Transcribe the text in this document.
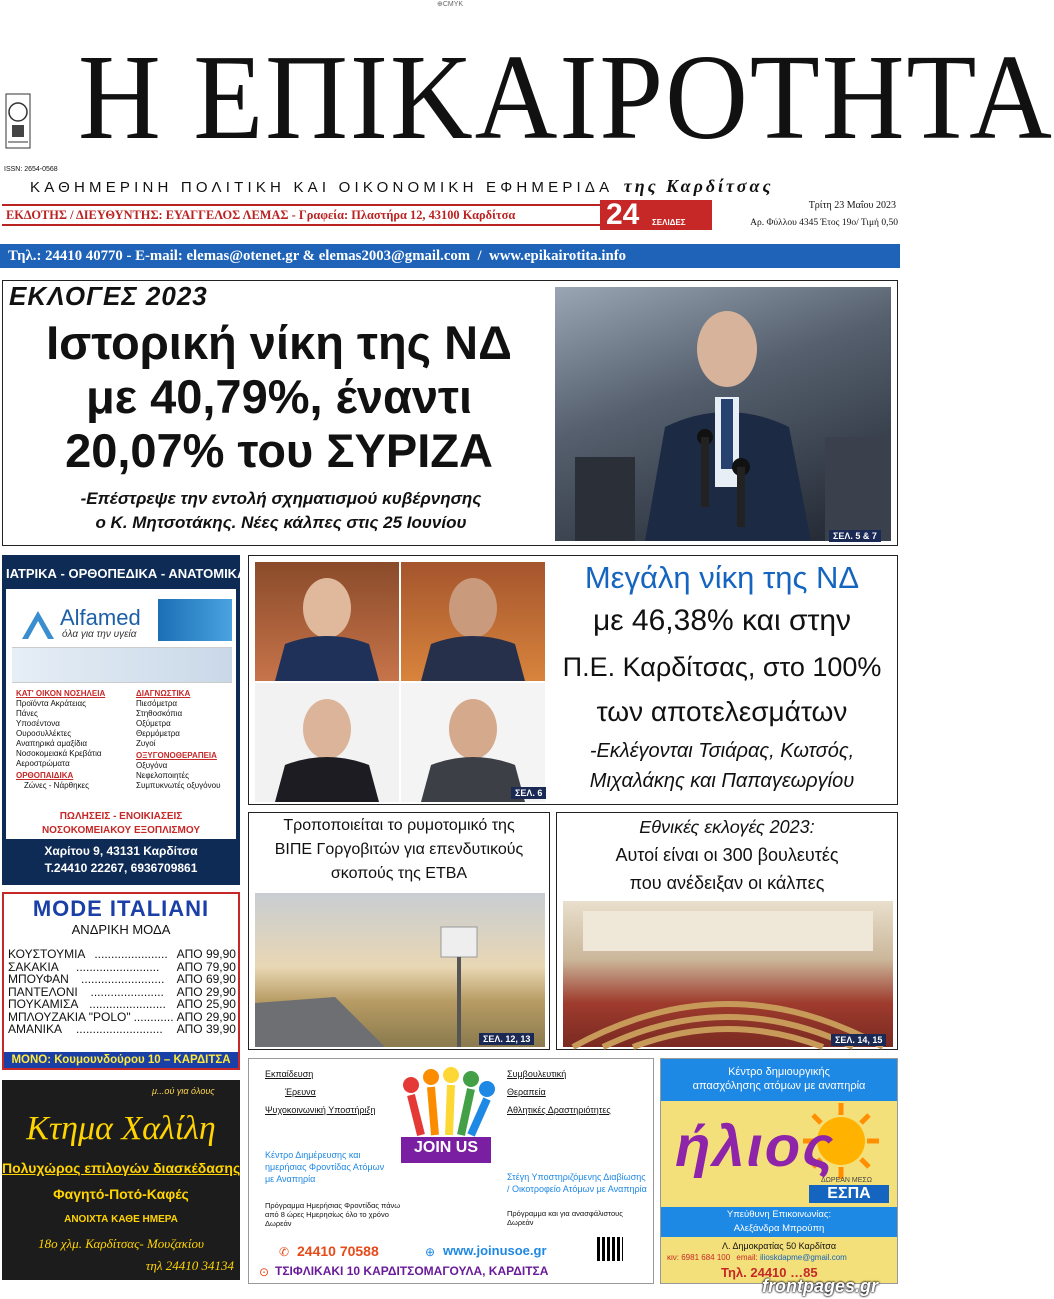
⊕CMYK
ISSN: 2654-0568
Η ΕΠΙΚΑΙΡΟΤΗΤΑ
ΚΑΘΗΜΕΡΙΝΗ ΠΟΛΙΤΙΚΗ ΚΑΙ ΟΙΚΟΝΟΜΙΚΗ ΕΦΗΜΕΡΙΔΑ της Καρδίτσας
ΕΚΔΟΤΗΣ / ΔΙΕΥΘΥΝΤΗΣ: ΕΥΑΓΓΕΛΟΣ ΛΕΜΑΣ - Γραφεία: Πλαστήρα 12, 43100 Καρδίτσα	24 ΣΕΛΙΔΕΣ
Τρίτη 23 Μαΐου 2023
Αρ. Φύλλου 4345 Έτος 19ο/ Τιμή 0,50
Τηλ.: 24410 40770 - E-mail: elemas@otenet.gr & elemas2003@gmail.com  /  www.epikairotita.info
ΕΚΛΟΓΕΣ 2023
Ιστορική νίκη της ΝΔ
με 40,79%, έναντι
20,07% του ΣΥΡΙΖΑ
-Επέστρεψε την εντολή σχηματισμού κυβέρνησης
ο Κ. Μητσοτάκης. Νέες κάλπες στις 25 Ιουνίου
ΣΕΛ. 5 & 7
ΙΑΤΡΙΚΑ - ΟΡΘΟΠΕΔΙΚΑ - ΑΝΑΤΟΜΙΚΑ
Alfamed
όλα για την υγεία
ΚΑΤ' ΟΙΚΟΝ ΝΟΣΗΛΕΙΑ
Προϊόντα Ακράτειας
Πάνες
Υποσέντονα
Ουροσυλλέκτες
Αναπηρικά αμαξίδια
Νοσοκομειακά Κρεβάτια
Αεροστρώματα
ΟΡΘΟΠΑΙΔΙΚΑ
Ζώνες - Νάρθηκες
ΔΙΑΓΝΩΣΤΙΚΑ
Πιεσόμετρα
Στηθοσκόπια
Οξύμετρα
Θερμόμετρα
Ζυγοί
ΟΞΥΓΟΝΟΘΕΡΑΠΕΙΑ
Οξυγόνα
Νεφελοποιητές
Συμπυκνωτές οξυγόνου
ΠΩΛΗΣΕΙΣ - ΕΝΟΙΚΙΑΣΕΙΣ
ΝΟΣΟΚΟΜΕΙΑΚΟΥ ΕΞΟΠΛΙΣΜΟΥ
Χαρίτου 9, 43131 Καρδίτσα
Τ.24410 22267, 6936709861
ΣΕΛ. 6
Μεγάλη νίκη της ΝΔ
με 46,38% και στην
Π.Ε. Καρδίτσας, στο 100%
των αποτελεσμάτων
-Εκλέγονται Τσιάρας, Κωτσός,
Μιχαλάκης και Παπαγεωργίου
Τροποποιείται το ρυμοτομικό της
ΒΙΠΕ Γοργοβιτών για επενδυτικούς
σκοπούς της ΕΤΒΑ
ΣΕΛ. 12, 13
Εθνικές εκλογές 2023:
Αυτοί είναι οι 300 βουλευτές
που ανέδειξαν οι κάλπες
ΣΕΛ. 14, 15
MODE ITALIANI
ΑΝΔΡΙΚΗ ΜΟΔΑ
ΚΟΥΣΤΟΥΜΙΑ ...................... ΑΠΟ 99,90
ΣΑΚΑΚΙΑ ......................... ΑΠΟ 79,90
ΜΠΟΥΦΑΝ ......................... ΑΠΟ 69,90
ΠΑΝΤΕΛΟΝΙ ...................... ΑΠΟ 29,90
ΠΟΥΚΑΜΙΣΑ ....................... ΑΠΟ 25,90
ΜΠΛΟΥΖΑΚΙΑ "POLO" ............ ΑΠΟ 29,90
ΑΜΑΝΙΚΑ .......................... ΑΠΟ 39,90
ΜΟΝΟ: Κουμουνδούρου 10 – ΚΑΡΔΙΤΣΑ
μ...ού για όλους
Κτημα Χαλίλη
Πολυχώρος επιλογών διασκέδασης
Φαγητό-Ποτό-Καφές
ΑΝΟΙΧΤΑ ΚΑΘΕ ΗΜΕΡΑ
18ο χλμ. Καρδίτσας- Μουζακίου
τηλ 24410 34134
Εκπαίδευση
Έρευνα
Ψυχοκοινωνική Υποστήριξη
JOIN US
Συμβουλευτική
Θεραπεία
Αθλητικές Δραστηριότητες
Κέντρο Διημέρευσης και ημερήσιας Φροντίδας Ατόμων με Αναπηρία
Πρόγραμμα Ημερήσιας Φροντίδας πάνω από 8 ώρες Ημερησίως όλο το χρόνο Δωρεάν
Στέγη Υποστηριζόμενης Διαβίωσης / Οικοτροφείο Ατόμων με Αναπηρία
Πρόγραμμα και για ανασφάλιστους Δωρεάν
✆ 24410 70588	⊕ www.joinusoe.gr
⊙ ΤΣΙΦΛΙΚΑΚΙ 10 ΚΑΡΔΙΤΣΟΜΑΓΟΥΛΑ, ΚΑΡΔΙΤΣΑ
Κέντρο δημιουργικής
απασχόλησης ατόμων με αναπηρία
ήλιος
ΔΩΡΕΑΝ ΜΕΣΩ
ΕΣΠΑ
Υπεύθυνη Επικοινωνίας:
Αλεξάνδρα Μπρούπη
Λ. Δημοκρατίας 50 Καρδίτσα
κιν: 6981 684 100 email: ilioskdapme@gmail.com
Τηλ. 24410 …85
frontpages.gr
